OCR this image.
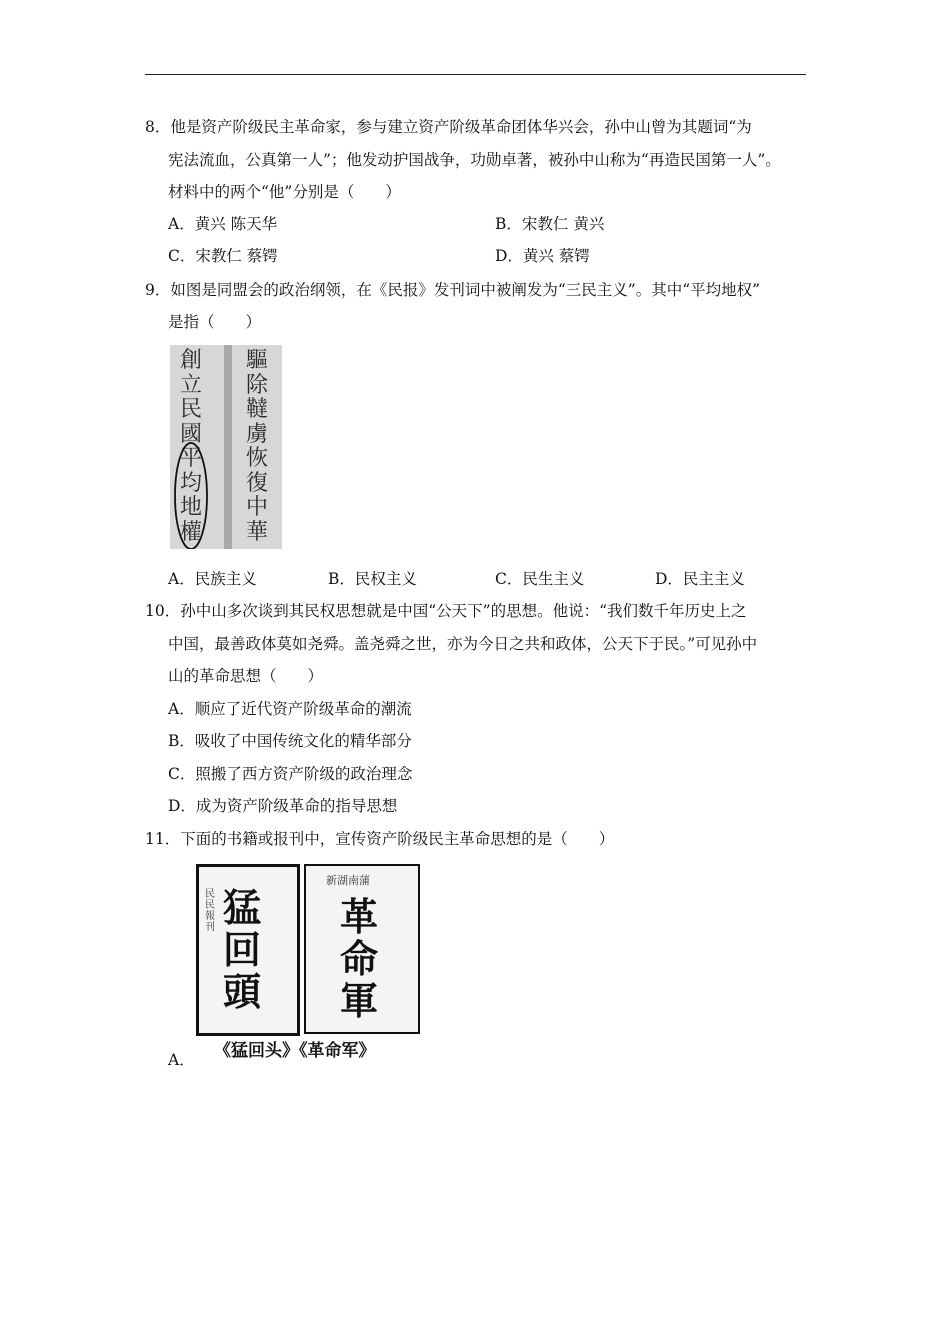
8．他是资产阶级民主革命家，参与建立资产阶级革命团体华兴会，孙中山曾为其题词“为
宪法流血，公真第一人”；他发动护国战争，功勋卓著，被孙中山称为“再造民国第一人”。
材料中的两个“他”分别是（　　）
A．黄兴 陈天华	B．宋教仁 黄兴
C．宋教仁 蔡锷	D．黄兴 蔡锷
9．如图是同盟会的政治纲领，在《民报》发刊词中被阐发为“三民主义”。其中“平均地权”
是指（　　）
創
立
民
國
平
均
地
權
驅
除
韃
虜
恢
復
中
華
A．民族主义	B．民权主义	C．民生主义	D．民主主义
10．孙中山多次谈到其民权思想就是中国“公天下”的思想。他说：“我们数千年历史上之
中国，最善政体莫如尧舜。盖尧舜之世，亦为今日之共和政体，公天下于民。”可见孙中
山的革命思想（　　）
A．顺应了近代资产阶级革命的潮流
B．吸收了中国传统文化的精华部分
C．照搬了西方资产阶级的政治理念
D．成为资产阶级革命的指导思想
11．下面的书籍或报刊中，宣传资产阶级民主革命思想的是（　　）
民
民
報
刊 猛
回
頭
新湖南蒲
革
命
軍
《猛回头》《革命军》
A．
